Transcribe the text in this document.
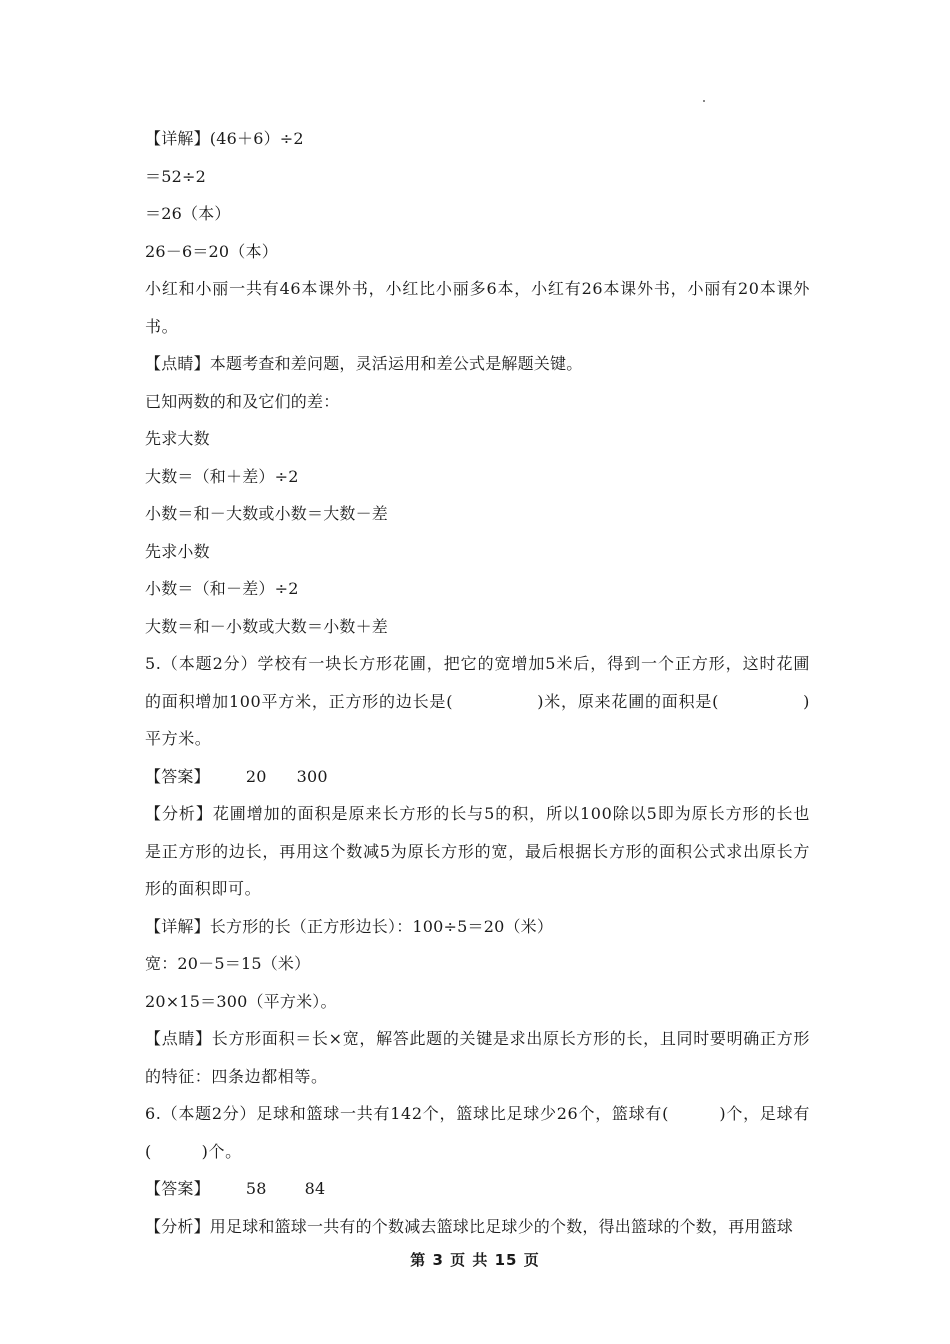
【详解】(46＋6）÷2
＝52÷2
＝26（本）
26－6＝20（本）
小红和小丽一共有46本课外书，小红比小丽多6本，小红有26本课外书，小丽有20本课外书。
【点睛】本题考查和差问题，灵活运用和差公式是解题关键。
已知两数的和及它们的差：
先求大数
大数＝（和＋差）÷2
小数＝和－大数或小数＝大数－差
先求小数
小数＝（和－差）÷2
大数＝和－小数或大数＝小数＋差
5.（本题2分）学校有一块长方形花圃，把它的宽增加5米后，得到一个正方形，这时花圃的面积增加100平方米，正方形的边长是(　　　　　)米，原来花圃的面积是(　　　　　)平方米。
【答案】 20 300
【分析】花圃增加的面积是原来长方形的长与5的积，所以100除以5即为原长方形的长也是正方形的边长，再用这个数减5为原长方形的宽，最后根据长方形的面积公式求出原长方形的面积即可。
【详解】长方形的长（正方形边长）：100÷5＝20（米）
宽：20－5＝15（米）
20×15＝300（平方米）。
【点睛】长方形面积＝长×宽，解答此题的关键是求出原长方形的长，且同时要明确正方形的特征：四条边都相等。
6.（本题2分）足球和篮球一共有142个，篮球比足球少26个，篮球有(　　　)个，足球有(　　　)个。
【答案】 58 84
【分析】用足球和篮球一共有的个数减去篮球比足球少的个数，得出篮球的个数，再用篮球
第 3 页 共 15 页
